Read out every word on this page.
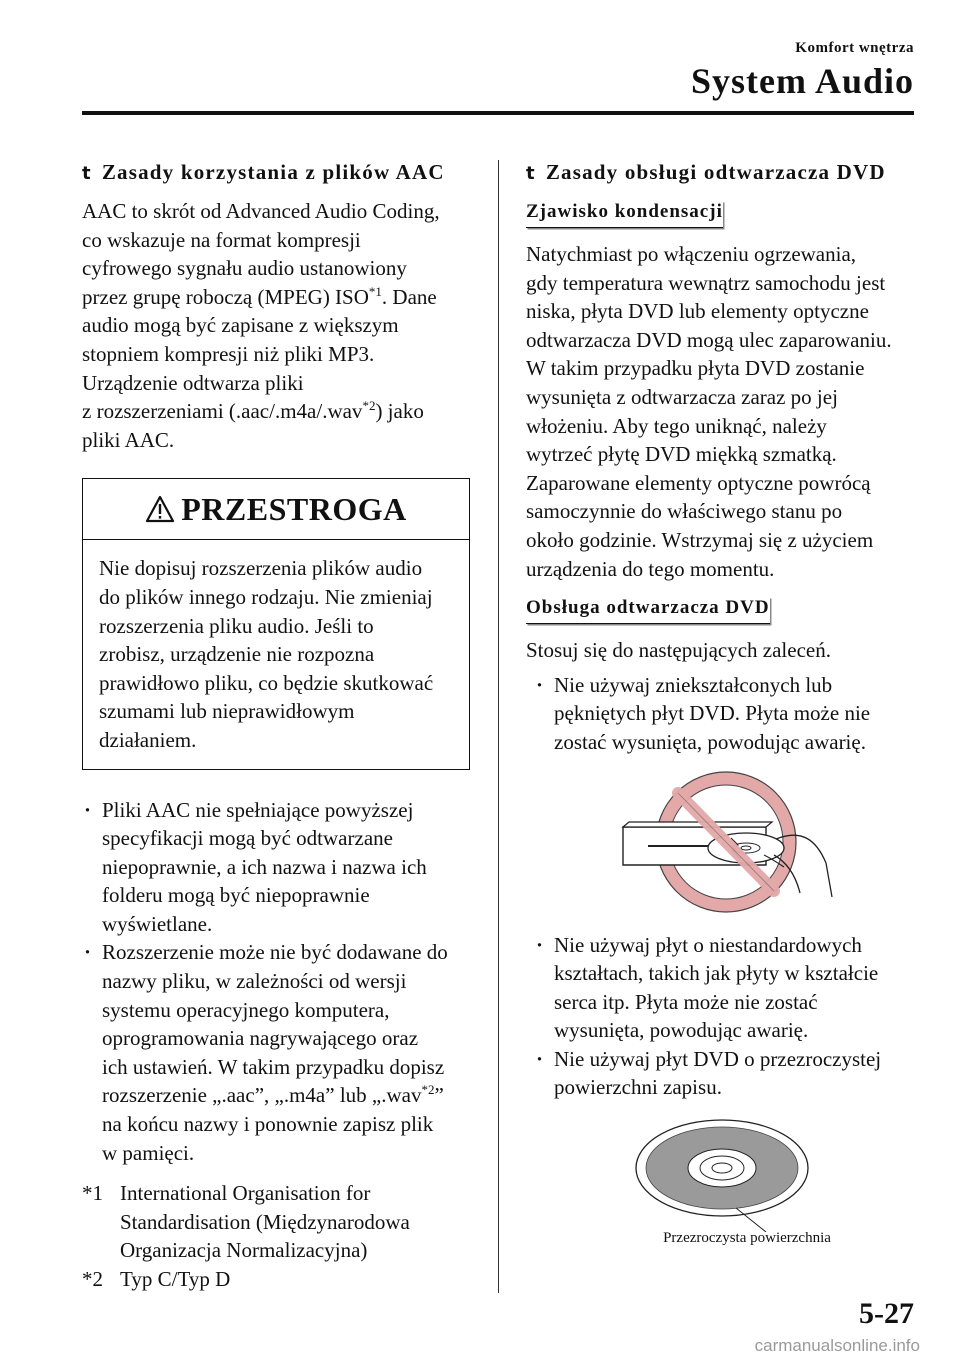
Komfort wnętrza
System Audio
t Zasady korzystania z plików AAC
AAC to skrót od Advanced Audio Coding,
co wskazuje na format kompresji
cyfrowego sygnału audio ustanowiony
przez grupę roboczą (MPEG) ISO$^{*1}$. Dane
audio mogą być zapisane z większym
stopniem kompresji niż pliki MP3.
Urządzenie odtwarza pliki
z rozszerzeniami (.aac/.m4a/.wav$^{*2}$) jako
pliki AAC.
PRZESTROGA
Nie dopisuj rozszerzenia plików audio
do plików innego rodzaju. Nie zmieniaj
rozszerzenia pliku audio. Jeśli to
zrobisz, urządzenie nie rozpozna
prawidłowo pliku, co będzie skutkować
szumami lub nieprawidłowym
działaniem.
· Pliki AAC nie spełniające powyższej
specyfikacji mogą być odtwarzane
niepoprawnie, a ich nazwa i nazwa ich
folderu mogą być niepoprawnie
wyświetlane.
· Rozszerzenie może nie być dodawane do
nazwy pliku, w zależności od wersji
systemu operacyjnego komputera,
oprogramowania nagrywającego oraz
ich ustawień. W takim przypadku dopisz
rozszerzenie „.aac”, „.m4a” lub „.wav$^{*2}$”
na końcu nazwy i ponownie zapisz plik
w pamięci.
*1 International Organisation for
Standardisation (Międzynarodowa
Organizacja Normalizacyjna)
*2 Typ C/Typ D
t Zasady obsługi odtwarzacza DVD
Zjawisko kondensacji
Natychmiast po włączeniu ogrzewania,
gdy temperatura wewnątrz samochodu jest
niska, płyta DVD lub elementy optyczne
odtwarzacza DVD mogą ulec zaparowaniu.
W takim przypadku płyta DVD zostanie
wysunięta z odtwarzacza zaraz po jej
włożeniu. Aby tego uniknąć, należy
wytrzeć płytę DVD miękką szmatką.
Zaparowane elementy optyczne powrócą
samoczynnie do właściwego stanu po
około godzinie. Wstrzymaj się z użyciem
urządzenia do tego momentu.
Obsługa odtwarzacza DVD
Stosuj się do następujących zaleceń.
· Nie używaj zniekształconych lub
pękniętych płyt DVD. Płyta może nie
zostać wysunięta, powodując awarię.
· Nie używaj płyt o niestandardowych
kształtach, takich jak płyty w kształcie
serca itp. Płyta może nie zostać
wysunięta, powodując awarię.
· Nie używaj płyt DVD o przezroczystej
powierzchni zapisu.
Przezroczysta powierzchnia
5-27
carmanualsonline.info
